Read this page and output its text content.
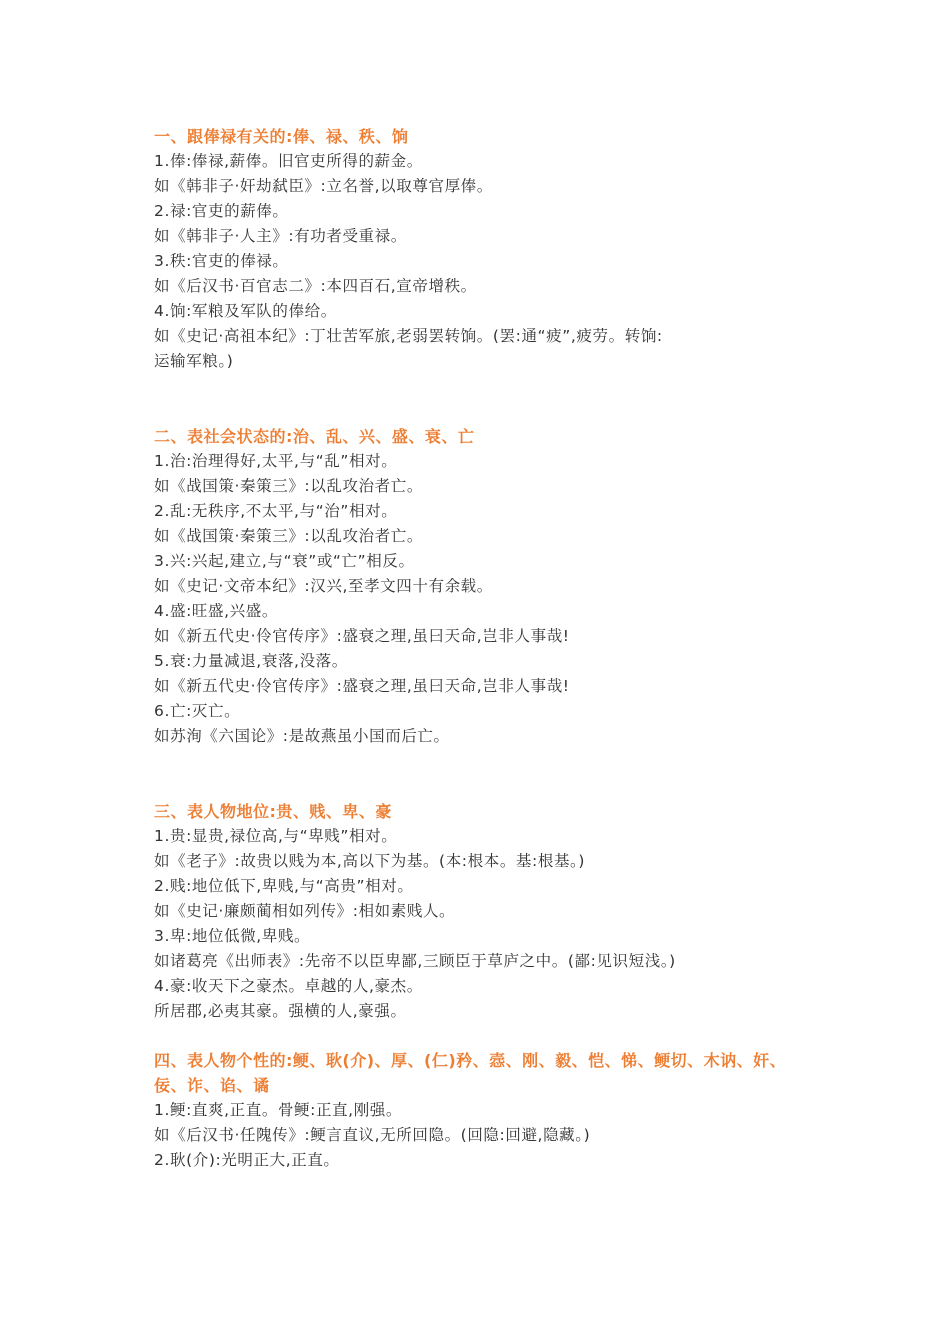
一、跟俸禄有关的:俸、禄、秩、饷

1.俸:俸禄,薪俸。旧官吏所得的薪金。

如《韩非子·奸劫弑臣》:立名誉,以取尊官厚俸。

2.禄:官吏的薪俸。

如《韩非子·人主》:有功者受重禄。

3.秩:官吏的俸禄。

如《后汉书·百官志二》:本四百石,宣帝增秩。

4.饷:军粮及军队的俸给。

如《史记·高祖本纪》:丁壮苦军旅,老弱罢转饷。(罢:通“疲”,疲劳。转饷:

运输军粮。)

二、表社会状态的:治、乱、兴、盛、衰、亡

1.治:治理得好,太平,与“乱”相对。

如《战国策·秦策三》:以乱攻治者亡。

2.乱:无秩序,不太平,与“治”相对。

如《战国策·秦策三》:以乱攻治者亡。

3.兴:兴起,建立,与“衰”或“亡”相反。

如《史记·文帝本纪》:汉兴,至孝文四十有余载。

4.盛:旺盛,兴盛。

如《新五代史·伶官传序》:盛衰之理,虽曰天命,岂非人事哉!

5.衰:力量减退,衰落,没落。

如《新五代史·伶官传序》:盛衰之理,虽曰天命,岂非人事哉!

6.亡:灭亡。

如苏洵《六国论》:是故燕虽小国而后亡。

三、表人物地位:贵、贱、卑、豪

1.贵:显贵,禄位高,与“卑贱”相对。

如《老子》:故贵以贱为本,高以下为基。(本:根本。基:根基。)

2.贱:地位低下,卑贱,与“高贵”相对。

如《史记·廉颇蔺相如列传》:相如素贱人。

3.卑:地位低微,卑贱。

如诸葛亮《出师表》:先帝不以臣卑鄙,三顾臣于草庐之中。(鄙:见识短浅。)

4.豪:收天下之豪杰。卓越的人,豪杰。

所居郡,必夷其豪。强横的人,豪强。

四、表人物个性的:鲠、耿(介)、厚、(仁)矜、悫、刚、毅、恺、悌、鲠切、木讷、奸、佞、诈、谄、谲

1.鲠:直爽,正直。骨鲠:正直,刚强。

如《后汉书·任隗传》:鲠言直议,无所回隐。(回隐:回避,隐藏。)

2.耿(介):光明正大,正直。
